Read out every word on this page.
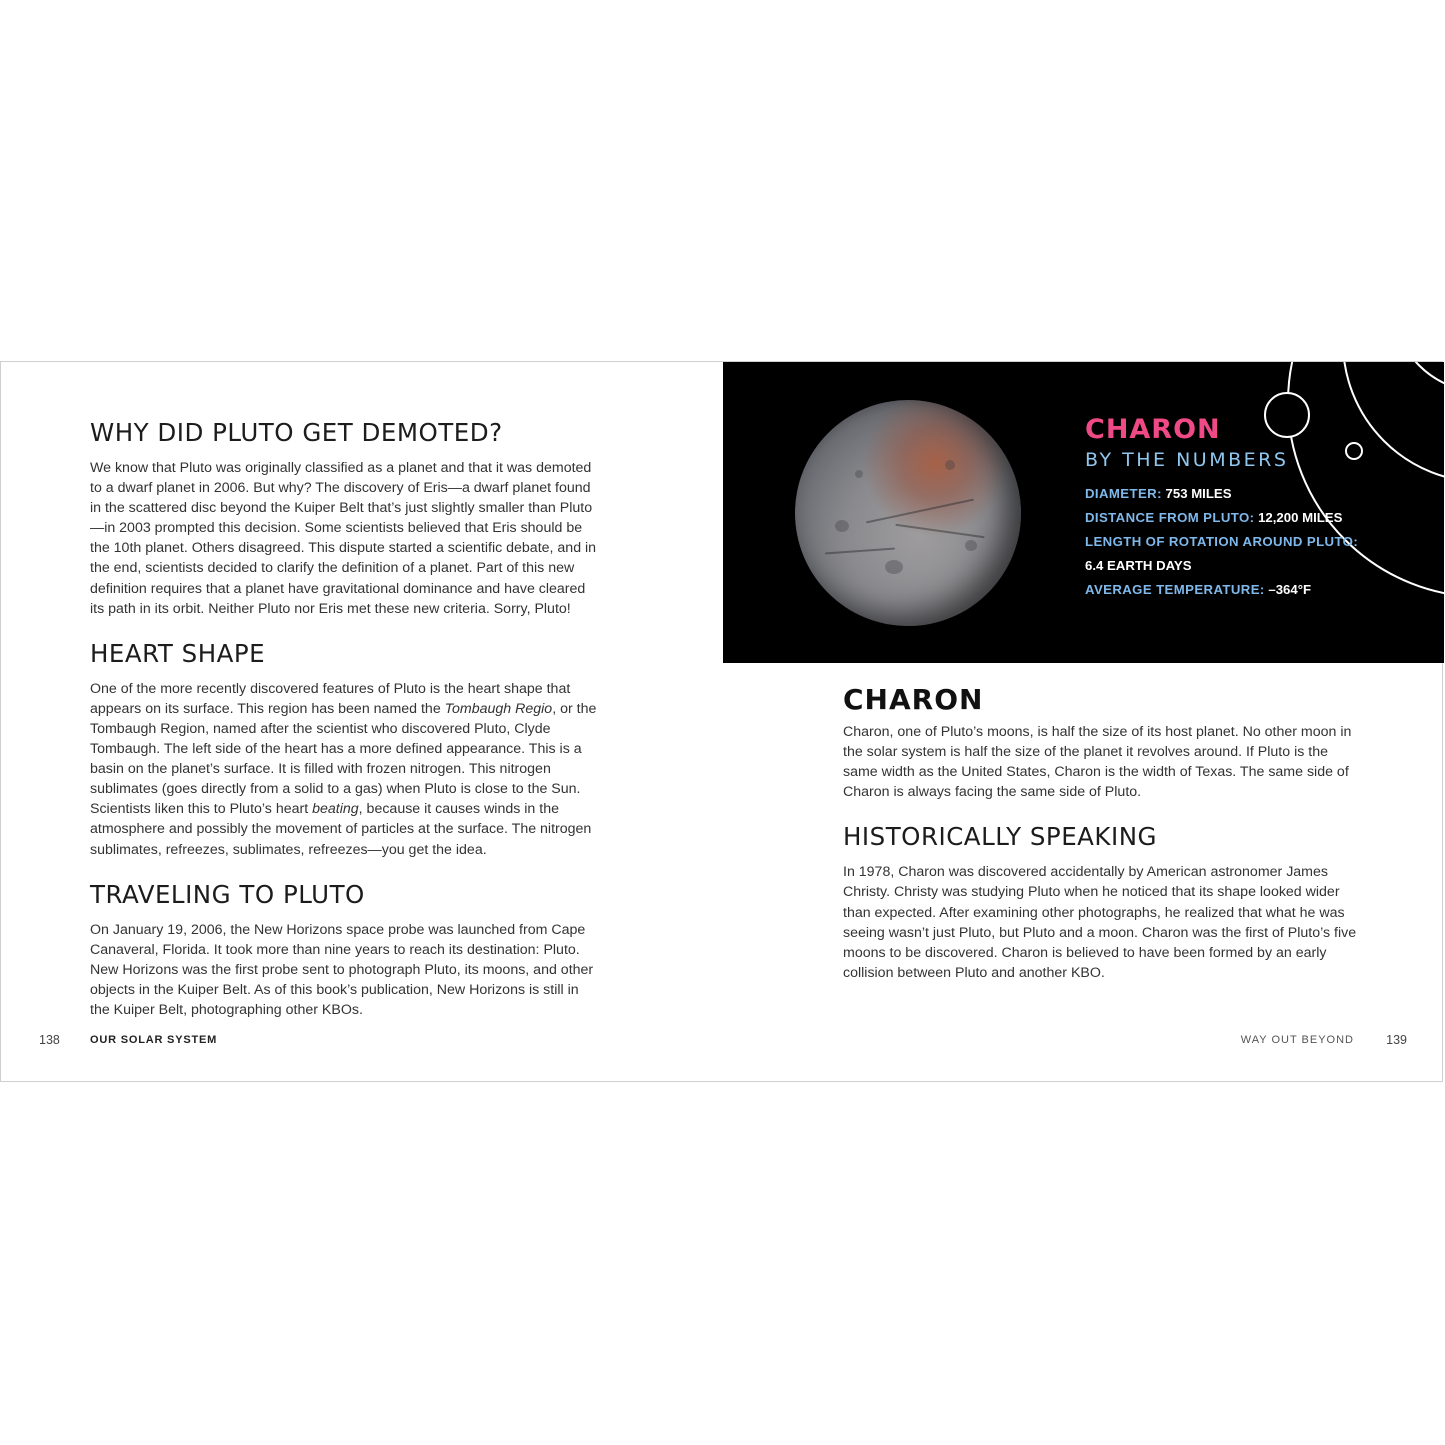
WHY DID PLUTO GET DEMOTED?

We know that Pluto was originally classified as a planet and that it was demoted to a dwarf planet in 2006. But why? The discovery of Eris—a dwarf planet found in the scattered disc beyond the Kuiper Belt that’s just slightly smaller than Pluto—in 2003 prompted this decision. Some scientists believed that Eris should be the 10th planet. Others disagreed. This dispute started a scientific debate, and in the end, scientists decided to clarify the definition of a planet. Part of this new definition requires that a planet have gravitational dominance and have cleared its path in its orbit. Neither Pluto nor Eris met these new criteria. Sorry, Pluto!

HEART SHAPE

One of the more recently discovered features of Pluto is the heart shape that appears on its surface. This region has been named the Tombaugh Regio, or the Tombaugh Region, named after the scientist who discovered Pluto, Clyde Tombaugh. The left side of the heart has a more defined appearance. This is a basin on the planet’s surface. It is filled with frozen nitrogen. This nitrogen sublimates (goes directly from a solid to a gas) when Pluto is close to the Sun. Scientists liken this to Pluto’s heart beating, because it causes winds in the atmosphere and possibly the movement of particles at the surface. The nitrogen sublimates, refreezes, sublimates, refreezes—you get the idea.

TRAVELING TO PLUTO

On January 19, 2006, the New Horizons space probe was launched from Cape Canaveral, Florida. It took more than nine years to reach its destination: Pluto. New Horizons was the first probe sent to photograph Pluto, its moons, and other objects in the Kuiper Belt. As of this book’s publication, New Horizons is still in the Kuiper Belt, photographing other KBOs.

138	OUR SOLAR SYSTEM
CHARON
BY THE NUMBERS
DIAMETER: 753 MILES
DISTANCE FROM PLUTO: 12,200 MILES
LENGTH OF ROTATION AROUND PLUTO:
6.4 EARTH DAYS
AVERAGE TEMPERATURE: –364°F
CHARON

Charon, one of Pluto’s moons, is half the size of its host planet. No other moon in the solar system is half the size of the planet it revolves around. If Pluto is the same width as the United States, Charon is the width of Texas. The same side of Charon is always facing the same side of Pluto.

HISTORICALLY SPEAKING

In 1978, Charon was discovered accidentally by American astronomer James Christy. Christy was studying Pluto when he noticed that its shape looked wider than expected. After examining other photographs, he realized that what he was seeing wasn’t just Pluto, but Pluto and a moon. Charon was the first of Pluto’s five moons to be discovered. Charon is believed to have been formed by an early collision between Pluto and another KBO.

WAY OUT BEYOND	139
